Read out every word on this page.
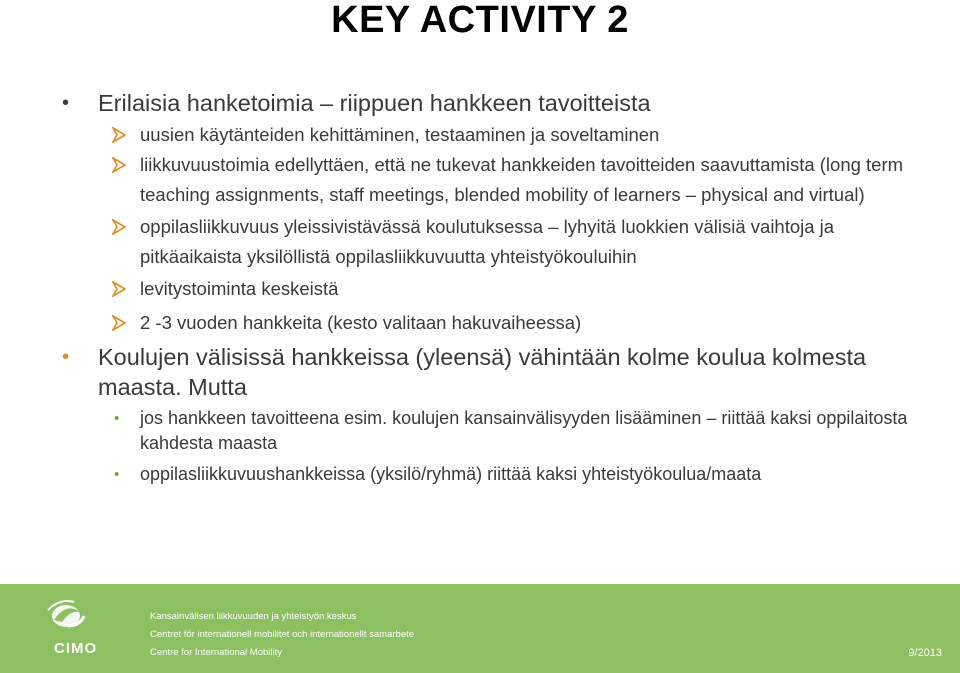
KEY ACTIVITY 2

• Erilaisia hanketoimia – riippuen hankkeen tavoitteista

uusien käytänteiden kehittäminen, testaaminen ja soveltaminen

liikkuvuustoimia edellyttäen, että ne tukevat hankkeiden tavoitteiden saavuttamista (long term teaching assignments, staff meetings, blended mobility of learners – physical and virtual)

oppilasliikkuvuus yleissivistävässä koulutuksessa – lyhyitä luokkien välisiä vaihtoja ja pitkäaikaista yksilöllistä oppilasliikkuvuutta yhteistyökouluihin

levitystoiminta keskeistä

2 -3 vuoden hankkeita (kesto valitaan hakuvaiheessa)

• Koulujen välisissä hankkeissa (yleensä) vähintään kolme koulua kolmesta maasta. Mutta

• jos hankkeen tavoitteena esim. koulujen kansainvälisyyden lisääminen – riittää kaksi oppilaitosta kahdesta maasta

• oppilasliikkuvuushankkeissa (yksilö/ryhmä) riittää kaksi yhteistyökoulua/maata

CIMO
Kansainvälisen liikkuvuuden ja yhteistyön keskus
Centret för internationell mobilitet och internationellt samarbete
Centre for International Mobility	9/2013
